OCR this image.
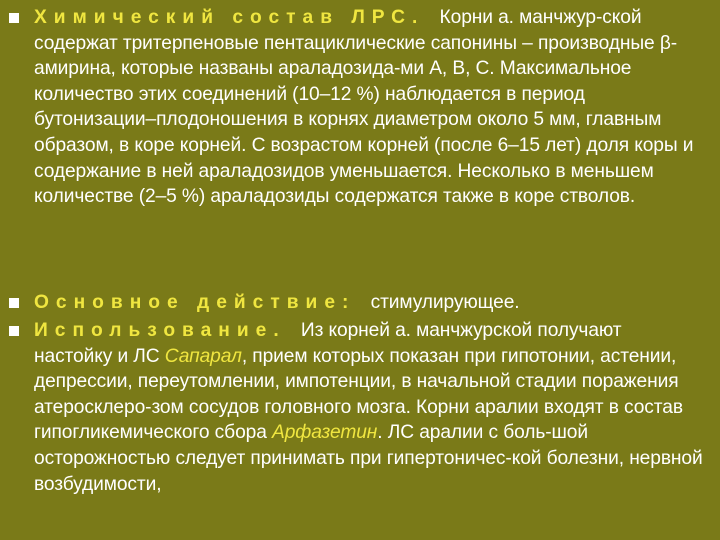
Химический состав ЛРС. Корни а. манчжур-ской содержат тритерпеновые пентациклические сапонины – производные β-амирина, которые названы араладозида-ми А, В, С. Максимальное количество этих соединений (10–12 %) наблюдается в период бутонизации–плодоношения в корнях диаметром около 5 мм, главным образом, в коре корней. С возрастом корней (после 6–15 лет) доля коры и содержание в ней араладозидов уменьшается. Несколько в меньшем количестве (2–5 %) араладозиды содержатся также в коре стволов.
Основное действие: стимулирующее.
Использование. Из корней а. манчжурской получают настойку и ЛС Сапарал, прием которых показан при гипотонии, астении, депрессии, переутомлении, импотенции, в начальной стадии поражения атеросклеро-зом сосудов головного мозга. Корни аралии входят в состав гипогликемического сбора Арфазетин. ЛС аралии с боль-шой осторожностью следует принимать при гипертоничес-кой болезни, нервной возбудимости,
